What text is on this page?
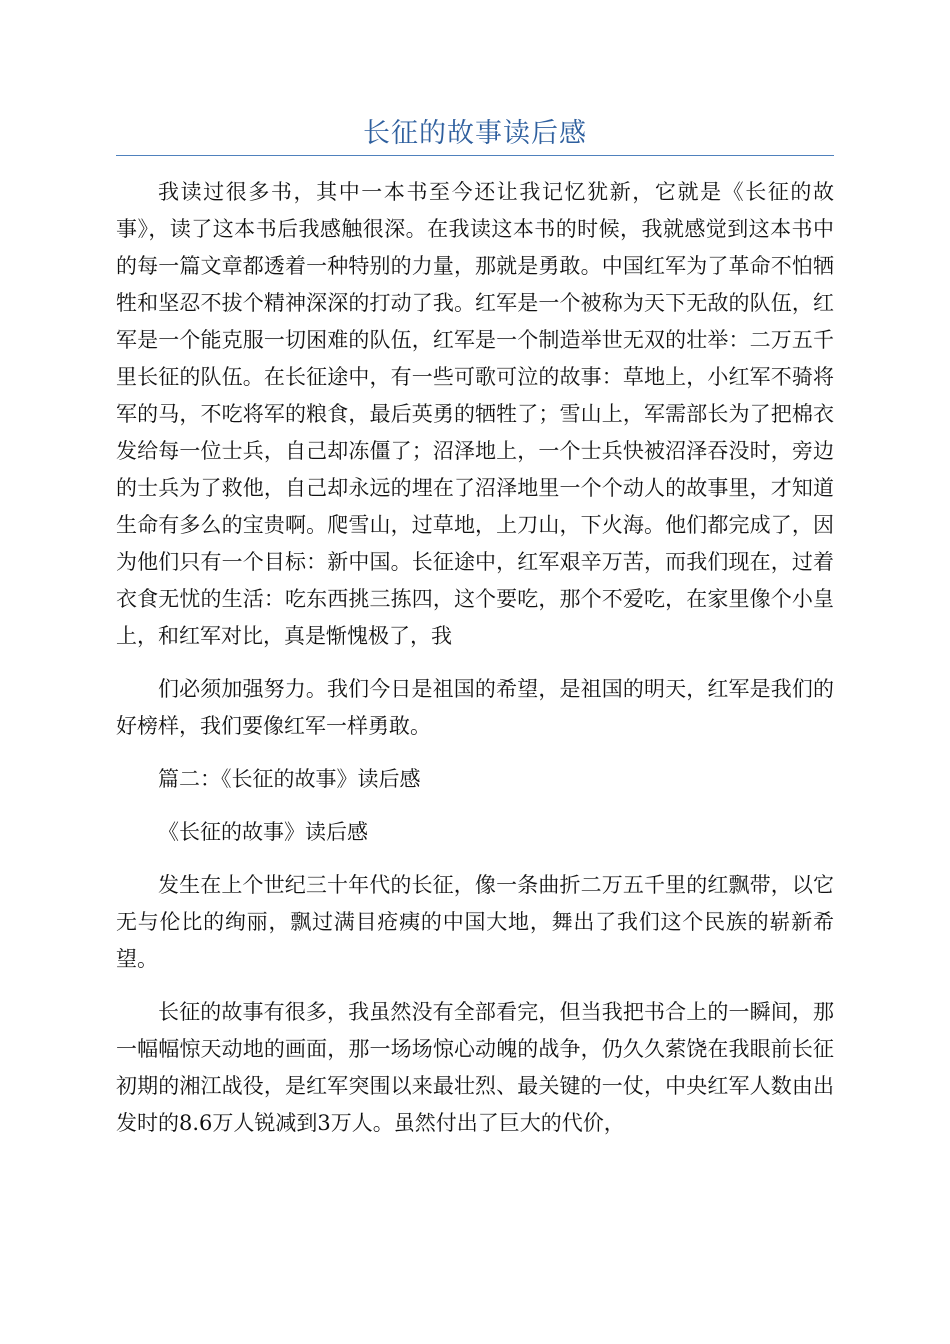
长征的故事读后感

我读过很多书，其中一本书至今还让我记忆犹新，它就是《长征的故事》，读了这本书后我感触很深。在我读这本书的时候，我就感觉到这本书中的每一篇文章都透着一种特别的力量，那就是勇敢。中国红军为了革命不怕牺牲和坚忍不拔个精神深深的打动了我。红军是一个被称为天下无敌的队伍，红军是一个能克服一切困难的队伍，红军是一个制造举世无双的壮举：二万五千里长征的队伍。在长征途中，有一些可歌可泣的故事：草地上，小红军不骑将军的马，不吃将军的粮食，最后英勇的牺牲了；雪山上，军需部长为了把棉衣发给每一位士兵，自己却冻僵了；沼泽地上，一个士兵快被沼泽吞没时，旁边的士兵为了救他，自己却永远的埋在了沼泽地里一个个动人的故事里，才知道生命有多么的宝贵啊。爬雪山，过草地，上刀山，下火海。他们都完成了，因为他们只有一个目标：新中国。长征途中，红军艰辛万苦，而我们现在，过着衣食无忧的生活：吃东西挑三拣四，这个要吃，那个不爱吃，在家里像个小皇上，和红军对比，真是惭愧极了，我

们必须加强努力。我们今日是祖国的希望，是祖国的明天，红军是我们的好榜样，我们要像红军一样勇敢。

篇二：《长征的故事》读后感

《长征的故事》读后感

发生在上个世纪三十年代的长征，像一条曲折二万五千里的红飘带，以它无与伦比的绚丽，飘过满目疮痍的中国大地，舞出了我们这个民族的崭新希望。

长征的故事有很多，我虽然没有全部看完，但当我把书合上的一瞬间，那一幅幅惊天动地的画面，那一场场惊心动魄的战争，仍久久萦饶在我眼前长征初期的湘江战役，是红军突围以来最壮烈、最关键的一仗，中央红军人数由出发时的8.6万人锐减到3万人。虽然付出了巨大的代价，
